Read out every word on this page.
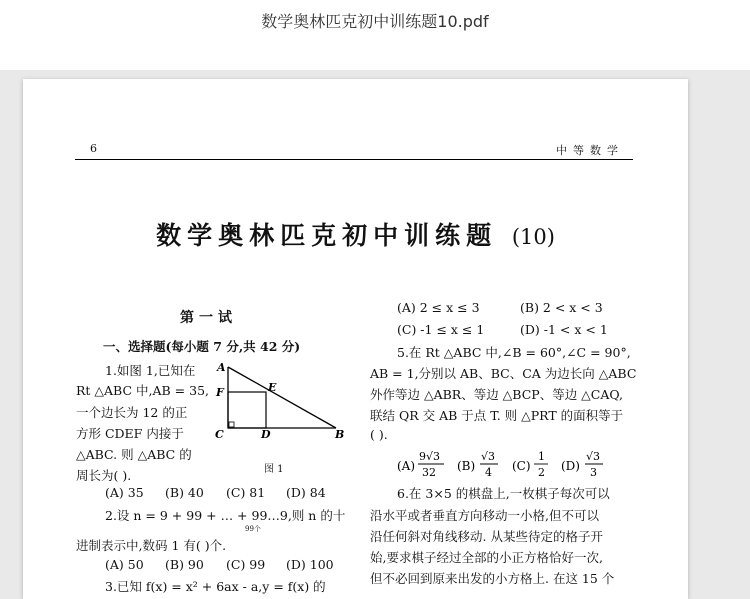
数学奥林匹克初中训练题10.pdf
6	中等数学
数学奥林匹克初中训练题 (10)
第一试
一、选择题(每小题 7 分,共 42 分)
1.如图 1,已知在
Rt △ABC 中,AB = 35,
一个边长为 12 的正
方形 CDEF 内接于
△ABC. 则 △ABC 的
周长为( ).
A
F	E
C	D	B
图 1
(A) 35 (B) 40 (C) 81 (D) 84
2.设 n = 9 + 99 + … + 99…9,则 n 的十
99个
进制表示中,数码 1 有( )个.
(A) 50 (B) 90 (C) 99 (D) 100
3.已知 f(x) = x² + 6ax - a,y = f(x) 的
(A) 2 ≤ x ≤ 3	(B) 2 < x < 3
(C) -1 ≤ x ≤ 1	(D) -1 < x < 1
5.在 Rt △ABC 中,∠B = 60°,∠C = 90°,
AB = 1,分别以 AB、BC、CA 为边长向 △ABC
外作等边 △ABR、等边 △BCP、等边 △CAQ,
联结 QR 交 AB 于点 T. 则 △PRT 的面积等于
( ).
(A)
9√3
32 (B)
√3
4 (C)
1
2 (D)
√3
3
6.在 3×5 的棋盘上,一枚棋子每次可以
沿水平或者垂直方向移动一小格,但不可以
沿任何斜对角线移动. 从某些待定的格子开
始,要求棋子经过全部的小正方格恰好一次,
但不必回到原来出发的小方格上. 在这 15 个
